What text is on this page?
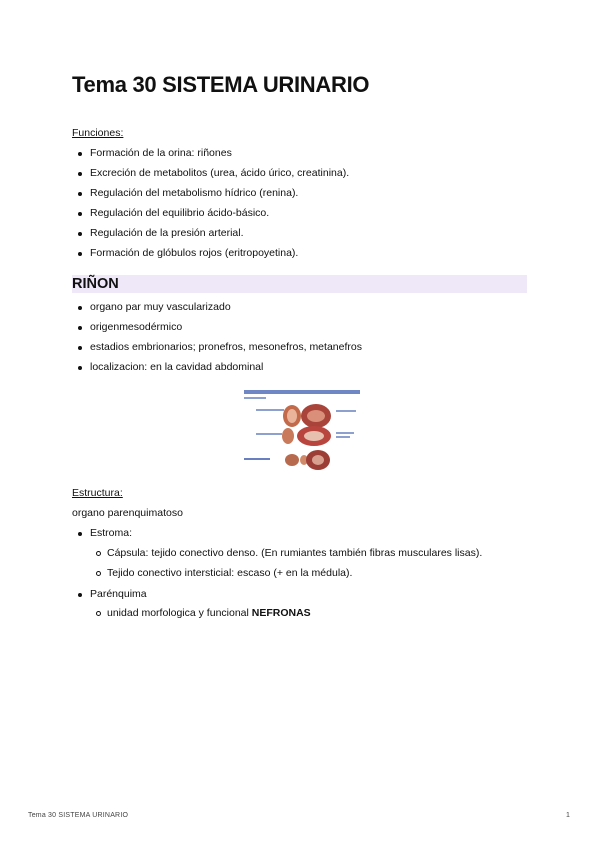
Tema 30 SISTEMA URINARIO
Funciones:
Formación de la orina: riñones
Excreción de metabolitos (urea, ácido úrico, creatinina).
Regulación del metabolismo hídrico (renina).
Regulación del equilibrio ácido-básico.
Regulación de la presión arterial.
Formación de glóbulos rojos (eritropoyetina).
RIÑON
organo par muy vascularizado
origenmesodérmico
estadios embrionarios; pronefros, mesonefros, metanefros
localizacion: en la cavidad abdominal
Estructura:
organo parenquimatoso
Estroma:
Cápsula: tejido conectivo denso. (En rumiantes también fibras musculares lisas).
Tejido conectivo intersticial: escaso (+ en la médula).
Parénquima
unidad morfologica y funcional NEFRONAS
Tema 30 SISTEMA URINARIO	1
